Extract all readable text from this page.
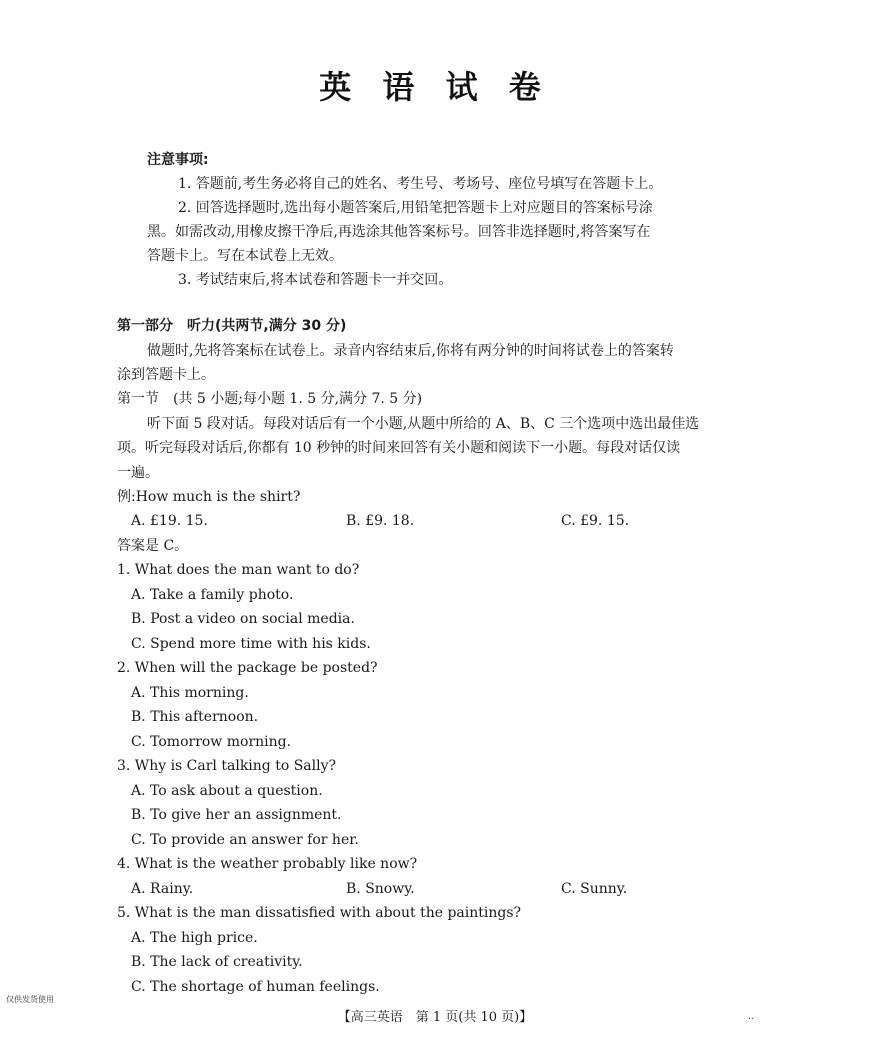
英 语 试 卷
注意事项:
1. 答题前,考生务必将自己的姓名、考生号、考场号、座位号填写在答题卡上。
2. 回答选择题时,选出每小题答案后,用铅笔把答题卡上对应题目的答案标号涂
黑。如需改动,用橡皮擦干净后,再选涂其他答案标号。回答非选择题时,将答案写在
答题卡上。写在本试卷上无效。
3. 考试结束后,将本试卷和答题卡一并交回。
第一部分　听力(共两节,满分 30 分)
做题时,先将答案标在试卷上。录音内容结束后,你将有两分钟的时间将试卷上的答案转
涂到答题卡上。
第一节　(共 5 小题;每小题 1. 5 分,满分 7. 5 分)
听下面 5 段对话。每段对话后有一个小题,从题中所给的 A、B、C 三个选项中选出最佳选
项。听完每段对话后,你都有 10 秒钟的时间来回答有关小题和阅读下一小题。每段对话仅读
一遍。
例:How much is the shirt?
A. £19. 15.	B. £9. 18.	C. £9. 15.
答案是 C。
1. What does the man want to do?
A. Take a family photo.
B. Post a video on social media.
C. Spend more time with his kids.
2. When will the package be posted?
A. This morning.
B. This afternoon.
C. Tomorrow morning.
3. Why is Carl talking to Sally?
A. To ask about a question.
B. To give her an assignment.
C. To provide an answer for her.
4. What is the weather probably like now?
A. Rainy.	B. Snowy.	C. Sunny.
5. What is the man dissatisfied with about the paintings?
A. The high price.
B. The lack of creativity.
C. The shortage of human feelings.
仅供发货使用
【高三英语　第 1 页(共 10 页)】	..
